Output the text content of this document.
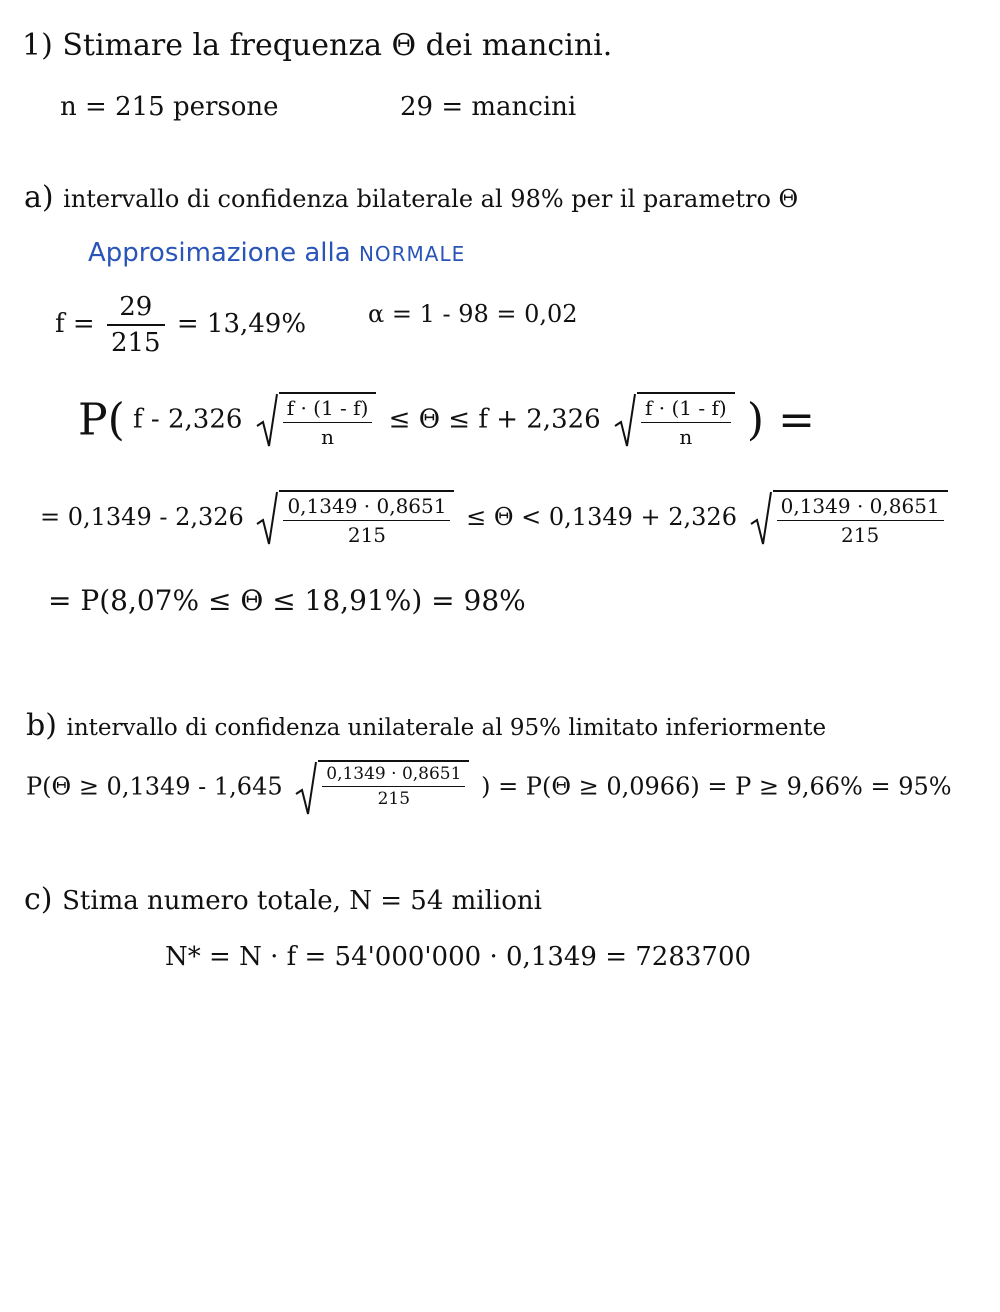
1) Stimare la frequenza Θ dei mancini.
n = 215 persone	29 = mancini
a) intervallo di confidenza bilaterale al 98% per il parametro Θ
Approsimazione alla NORMALE
$f = \frac{29}{215} = 13,49\%$	α = 1 - 98 = 0,02
P( $f - 2,326 \frac{f \cdot (1 - f)}{n} \le \Theta \le f + 2,326 \frac{f \cdot (1 - f)}{n}$ ) =
= $0,1349 - 2,326 \frac{0,1349 \cdot 0,8651}{215} \le \Theta < 0,1349 + 2,326 \frac{0,1349 \cdot 0,8651}{215}$
= P(8,07% ≤ Θ ≤ 18,91%) = 98%
b) intervallo di confidenza unilaterale al 95% limitato inferiormente
$P(\Theta \ge 0,1349 - 1,645 \frac{0,1349 \cdot 0,8651}{215}$ ) = P(Θ ≥ 0,0966) = P ≥ 9,66% = 95%
c) Stima numero totale, N = 54 milioni
N* = N · f = 54'000'000 · 0,1349 = 7283700
